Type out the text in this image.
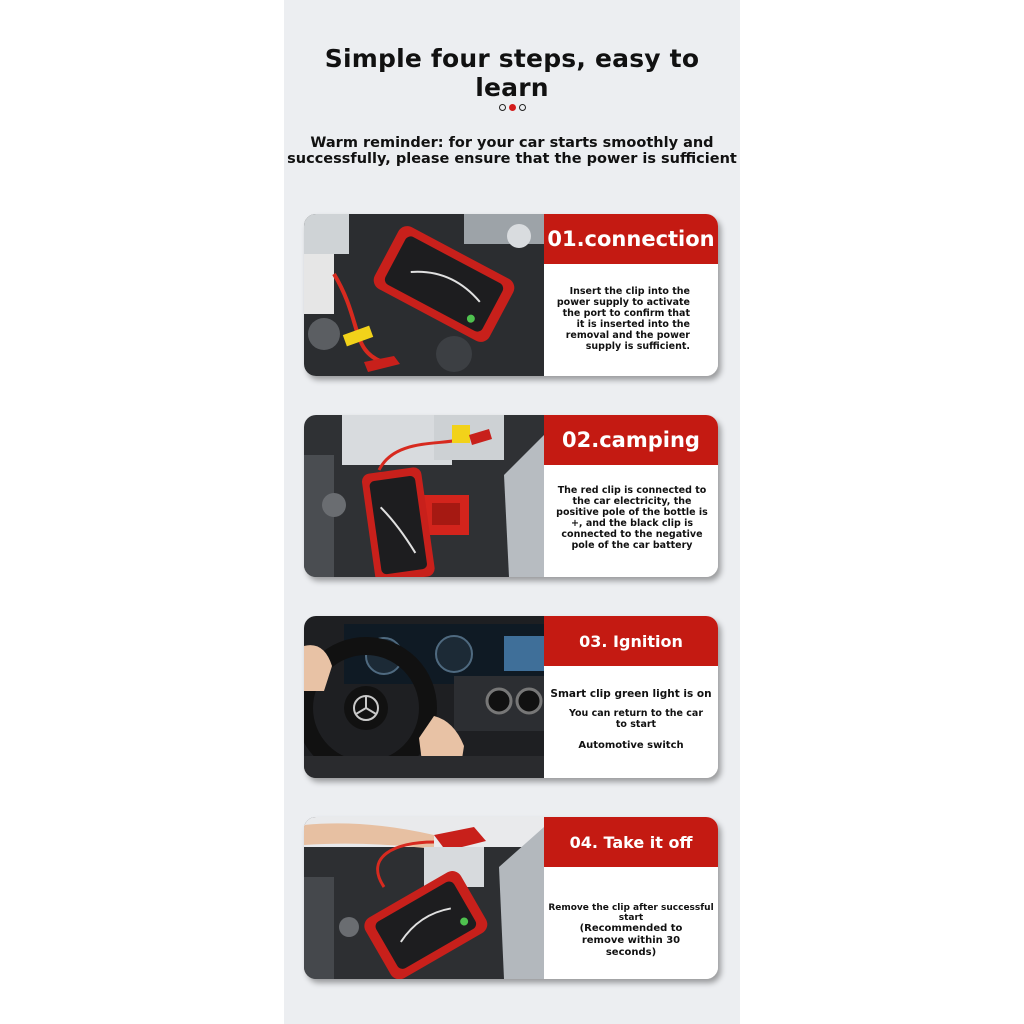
Simple four steps, easy to learn
Warm reminder: for your car starts smoothly and successfully, please ensure that the power is sufficient
01.connection
Insert the clip into the power supply to activate the port to confirm that it is inserted into the removal and the power supply is sufficient.
02.camping
The red clip is connected to the car electricity, the positive pole of the bottle is +, and the black clip is connected to the negative pole of the car battery
03. Ignition
Smart clip green light is on
You can return to the car to start
Automotive switch
04. Take it off
Remove the clip after successful start
(Recommended to remove within 30 seconds)
